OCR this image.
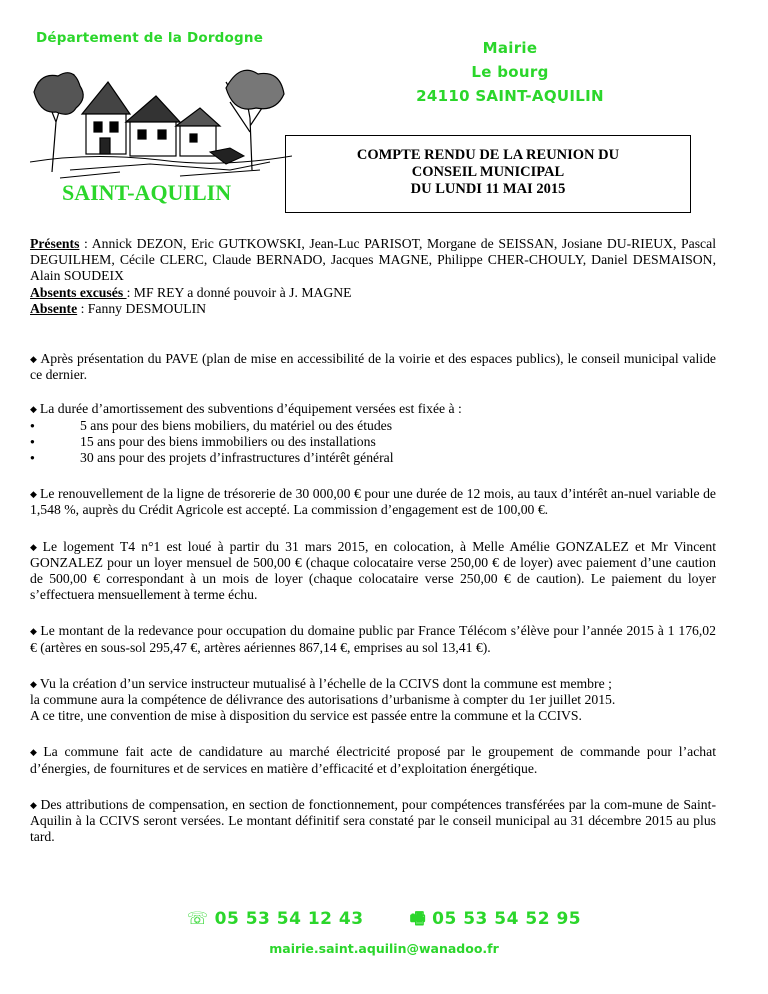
Département de la Dordogne
Mairie
Le bourg
24110 SAINT-AQUILIN
SAINT-AQUILIN
COMPTE RENDU DE LA REUNION DU
CONSEIL MUNICIPAL
DU LUNDI 11 MAI 2015

Présents : Annick DEZON, Eric GUTKOWSKI, Jean-Luc PARISOT, Morgane de SEISSAN, Josiane DU-RIEUX, Pascal DEGUILHEM, Cécile CLERC, Claude BERNADO, Jacques MAGNE, Philippe CHER-CHOULY, Daniel DESMAISON, Alain SOUDEIX

Absents excusés : MF REY a donné pouvoir à J. MAGNE

Absente : Fanny DESMOULIN

◆ Après présentation du PAVE (plan de mise en accessibilité de la voirie et des espaces publics), le conseil municipal valide ce dernier.

◆ La durée d’amortissement des subventions d’équipement versées est fixée à :

● 5 ans pour des biens mobiliers, du matériel ou des études
● 15 ans pour des biens immobiliers ou des installations
● 30 ans pour des projets d’infrastructures d’intérêt général

◆ Le renouvellement de la ligne de trésorerie de 30 000,00 € pour une durée de 12 mois, au taux d’intérêt an-nuel variable de 1,548 %, auprès du Crédit Agricole est accepté. La commission d’engagement est de 100,00 €.

◆ Le logement T4 n°1 est loué à partir du 31 mars 2015, en colocation, à Melle Amélie GONZALEZ et Mr Vincent GONZALEZ pour un loyer mensuel de 500,00 € (chaque colocataire verse 250,00 € de loyer) avec paiement d’une caution de 500,00 € correspondant à un mois de loyer (chaque colocataire verse 250,00 € de caution). Le paiement du loyer s’effectuera mensuellement à terme échu.

◆ Le montant de la redevance pour occupation du domaine public par France Télécom s’élève pour l’année 2015 à 1 176,02 € (artères en sous-sol 295,47 €, artères aériennes 867,14 €, emprises au sol 13,41 €).

◆ Vu la création d’un service instructeur mutualisé à l’échelle de la CCIVS dont la commune est membre ;
la commune aura la compétence de délivrance des autorisations d’urbanisme à compter du 1er juillet 2015.
A ce titre, une convention de mise à disposition du service est passée entre la commune et la CCIVS.

◆ La commune fait acte de candidature au marché électricité proposé par le groupement de commande pour l’achat d’énergies, de fournitures et de services en matière d’efficacité et d’exploitation énergétique.

◆ Des attributions de compensation, en section de fonctionnement, pour compétences transférées par la com-mune de Saint-Aquilin à la CCIVS seront versées. Le montant définitif sera constaté par le conseil municipal au 31 décembre 2015 au plus tard.

☏ 05 53 54 12 43	🖷 05 53 54 52 95
mairie.saint.aquilin@wanadoo.fr
